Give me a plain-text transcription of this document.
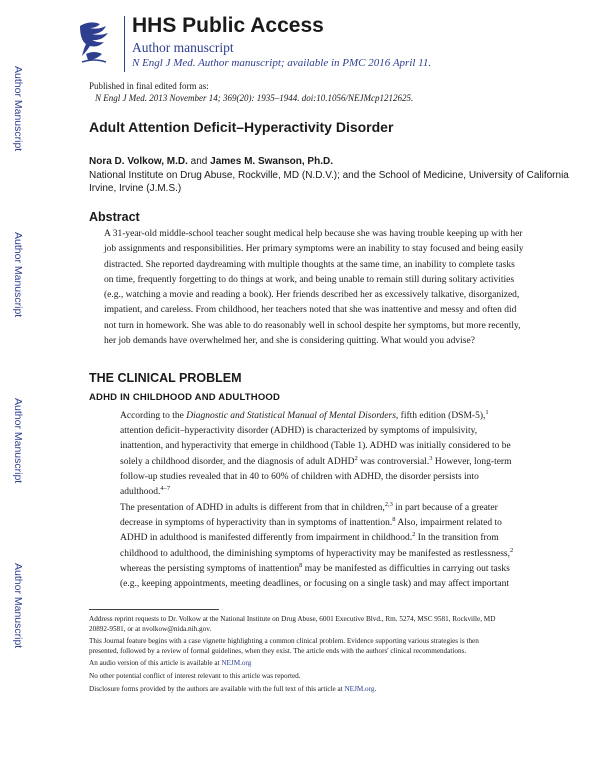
Author Manuscript
Author Manuscript
Author Manuscript
Author Manuscript
HHS Public Access
Author manuscript
N Engl J Med. Author manuscript; available in PMC 2016 April 11.
Published in final edited form as:
N Engl J Med. 2013 November 14; 369(20): 1935–1944. doi:10.1056/NEJMcp1212625.
Adult Attention Deficit–Hyperactivity Disorder
Nora D. Volkow, M.D. and James M. Swanson, Ph.D.
National Institute on Drug Abuse, Rockville, MD (N.D.V.); and the School of Medicine, University of California Irvine, Irvine (J.M.S.)
Abstract
A 31-year-old middle-school teacher sought medical help because she was having trouble keeping up with her job assignments and responsibilities. Her primary symptoms were an inability to stay focused and being easily distracted. She reported daydreaming with multiple thoughts at the same time, an inability to complete tasks on time, frequently forgetting to do things at work, and being unable to remain still during solitary activities (e.g., watching a movie and reading a book). Her friends described her as excessively talkative, disorganized, impatient, and careless. From childhood, her teachers noted that she was inattentive and messy and often did not turn in homework. She was able to do reasonably well in school despite her symptoms, but more recently, her job demands have overwhelmed her, and she is considering quitting. What would you advise?
THE CLINICAL PROBLEM
ADHD IN CHILDHOOD AND ADULTHOOD
According to the Diagnostic and Statistical Manual of Mental Disorders, fifth edition (DSM-5),$^1$ attention deficit–hyperactivity disorder (ADHD) is characterized by symptoms of impulsivity, inattention, and hyperactivity that emerge in childhood (Table 1). ADHD was initially considered to be solely a childhood disorder, and the diagnosis of adult ADHD$^2$ was controversial.$^3$ However, long-term follow-up studies revealed that in 40 to 60% of children with ADHD, the disorder persists into adulthood.$^{4-7}$
The presentation of ADHD in adults is different from that in children,$^{2,3}$ in part because of a greater decrease in symptoms of hyperactivity than in symptoms of inattention.$^8$ Also, impairment related to ADHD in adulthood is manifested differently from impairment in childhood.$^2$ In the transition from childhood to adulthood, the diminishing symptoms of hyperactivity may be manifested as restlessness,$^2$ whereas the persisting symptoms of inattention$^8$ may be manifested as difficulties in carrying out tasks (e.g., keeping appointments, meeting deadlines, or focusing on a single task) and may affect important
Address reprint requests to Dr. Volkow at the National Institute on Drug Abuse, 6001 Executive Blvd., Rm. 5274, MSC 9581, Rockville, MD 20892-9581, or at nvolkow@nida.nih.gov.
This Journal feature begins with a case vignette highlighting a common clinical problem. Evidence supporting various strategies is then presented, followed by a review of formal guidelines, when they exist. The article ends with the authors' clinical recommendations.
An audio version of this article is available at NEJM.org
No other potential conflict of interest relevant to this article was reported.
Disclosure forms provided by the authors are available with the full text of this article at NEJM.org.
